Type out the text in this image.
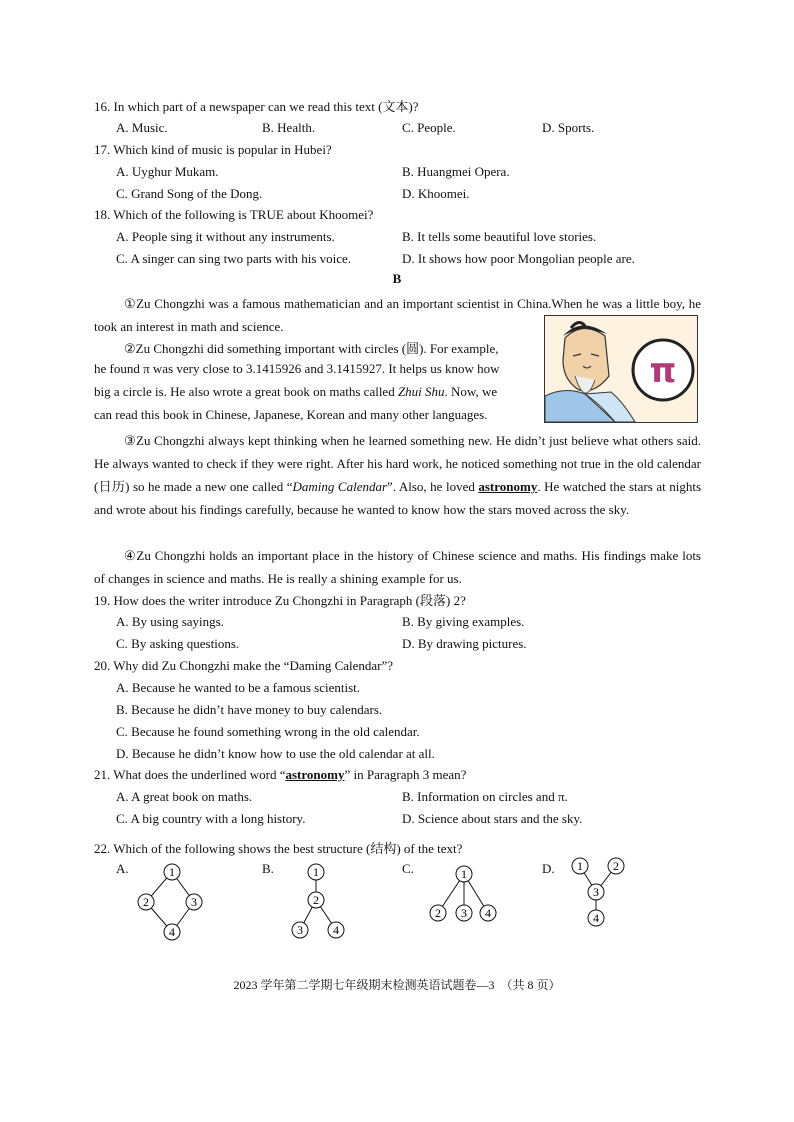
16. In which part of a newspaper can we read this text (文本)?
A. Music.	B. Health.	C. People.	D. Sports.
17. Which kind of music is popular in Hubei?
A. Uyghur Mukam.	B. Huangmei Opera.
C. Grand Song of the Dong.	D. Khoomei.
18. Which of the following is TRUE about Khoomei?
A. People sing it without any instruments.	B. It tells some beautiful love stories.
C. A singer can sing two parts with his voice.	D. It shows how poor Mongolian people are.
B
①Zu Chongzhi was a famous mathematician and an important scientist in China.When he was a little boy, he took an interest in math and science.
②Zu Chongzhi did something important with circles (圆). For example,
he found π was very close to 3.1415926 and 3.1415927. It helps us know how
big a circle is. He also wrote a great book on maths called Zhui Shu. Now, we
can read this book in Chinese, Japanese, Korean and many other languages.
π
③Zu Chongzhi always kept thinking when he learned something new. He didn’t just believe what others said. He always wanted to check if they were right. After his hard work, he noticed something not true in the old calendar (日历) so he made a new one called “Daming Calendar”. Also, he loved astronomy. He watched the stars at nights and wrote about his findings carefully, because he wanted to know how the stars moved across the sky.
④Zu Chongzhi holds an important place in the history of Chinese science and maths. His findings make lots of changes in science and maths. He is really a shining example for us.
19. How does the writer introduce Zu Chongzhi in Paragraph (段落) 2?
A. By using sayings.	B. By giving examples.
C. By asking questions.	D. By drawing pictures.
20. Why did Zu Chongzhi make the “Daming Calendar”?
A. Because he wanted to be a famous scientist.
B. Because he didn’t have money to buy calendars.
C. Because he found something wrong in the old calendar.
D. Because he didn’t know how to use the old calendar at all.
21. What does the underlined word “astronomy” in Paragraph 3 mean?
A. A great book on maths.	B. Information on circles and π.
C. A big country with a long history.	D. Science about stars and the sky.
22. Which of the following shows the best structure (结构) of the text?
A.	1
2	3
4
B.	1
2
3	4
C.	1
2 3 4
D. 1	2
3
4
2023 学年第二学期七年级期末检测英语试题卷—3　（共 8 页）
